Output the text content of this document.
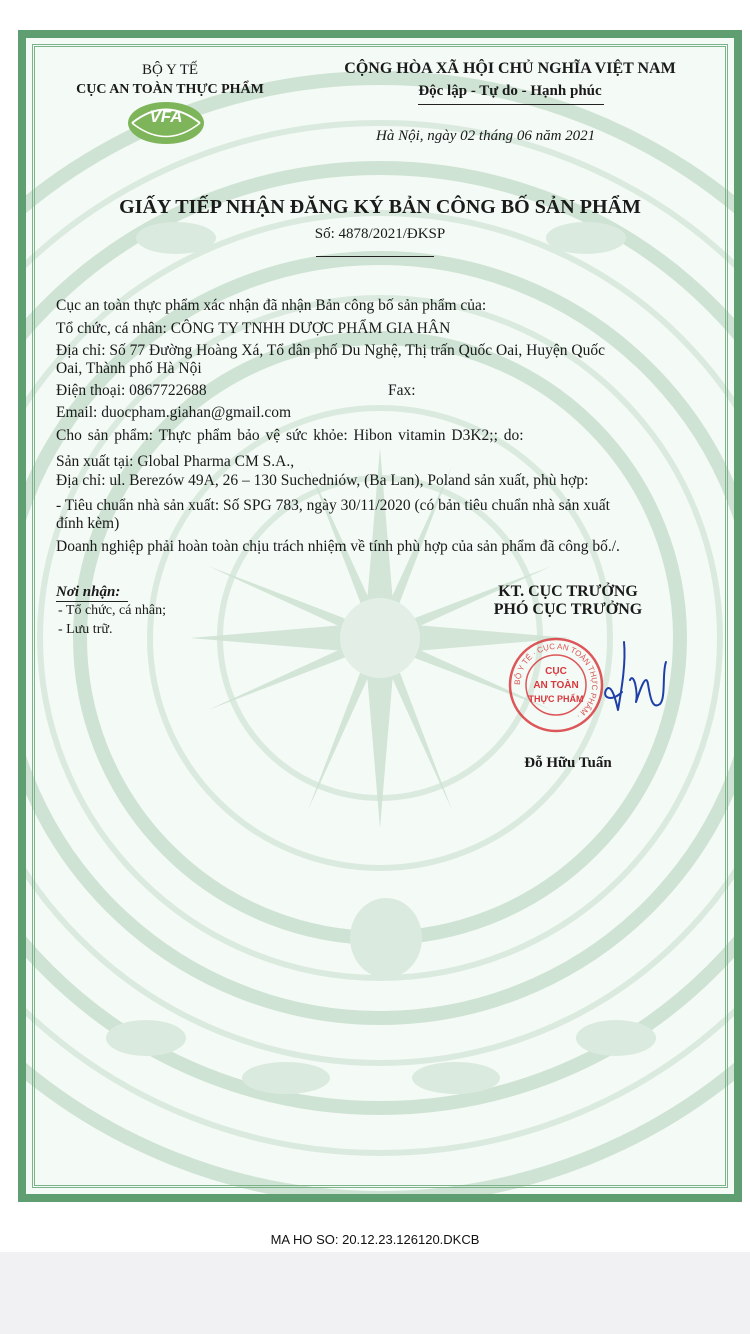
BỘ Y TẾ
CỤC AN TOÀN THỰC PHẨM
VFA
CỘNG HÒA XÃ HỘI CHỦ NGHĨA VIỆT NAM
Độc lập - Tự do - Hạnh phúc
Hà Nội, ngày 02 tháng 06 năm 2021
GIẤY TIẾP NHẬN ĐĂNG KÝ BẢN CÔNG BỐ SẢN PHẨM
Số: 4878/2021/ĐKSP
Cục an toàn thực phẩm xác nhận đã nhận Bản công bố sản phẩm của:
Tổ chức, cá nhân: CÔNG TY TNHH DƯỢC PHẨM GIA HÂN
Địa chỉ: Số 77 Đường Hoàng Xá, Tổ dân phố Du Nghệ, Thị trấn Quốc Oai, Huyện Quốc
Oai, Thành phố Hà Nội
Điện thoại: 0867722688	Fax:
Email: duocpham.giahan@gmail.com
Cho sản phẩm: Thực phẩm bảo vệ sức khỏe: Hibon vitamin D3K2;; do:
Sản xuất tại: Global Pharma CM S.A.,
Địa chỉ: ul. Berezów 49A, 26 – 130 Suchedniów, (Ba Lan), Poland sản xuất, phù hợp:
- Tiêu chuẩn nhà sản xuất: Số SPG 783, ngày 30/11/2020 (có bản tiêu chuẩn nhà sản xuất
đính kèm)
Doanh nghiệp phải hoàn toàn chịu trách nhiệm về tính phù hợp của sản phẩm đã công bố./.
Nơi nhận:
- Tổ chức, cá nhân;
- Lưu trữ.
KT. CỤC TRƯỞNG
PHÓ CỤC TRƯỞNG
BỘ Y TẾ · CỤC AN TOÀN THỰC PHẨM ·
CỤC
AN TOÀN
THỰC PHẨM
Đỗ Hữu Tuấn
MA HO SO: 20.12.23.126120.DKCB
